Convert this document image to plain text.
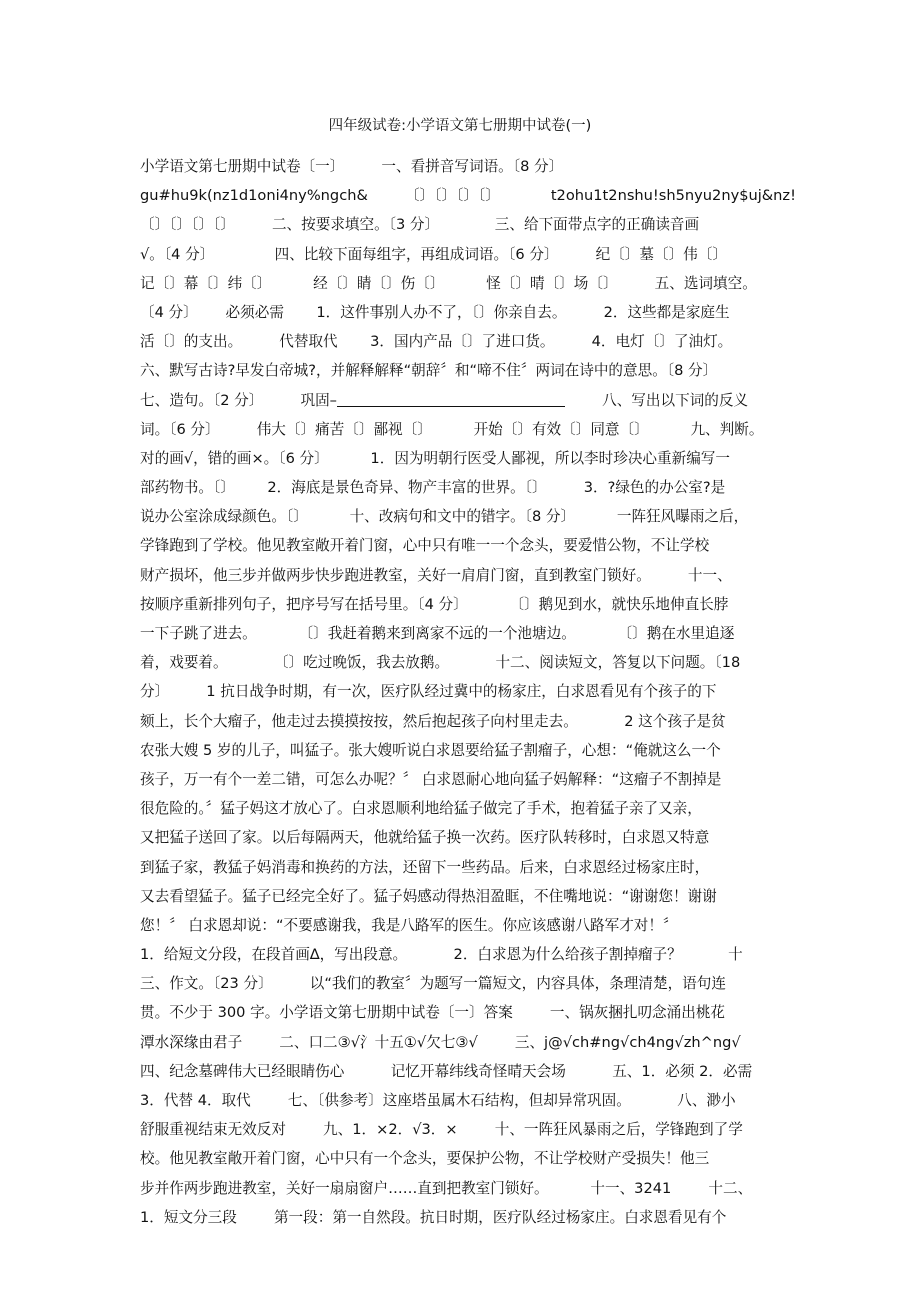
四年级试卷:小学语文第七册期中试卷(一)
小学语文第七册期中试卷〔一〕        一、看拼音写词语。〔8 分〕
gu#hu9k(nz1d1oni4ny%ngch&        〔〕〔〕〔〕〔〕           t2ohu1t2nshu!sh5nyu2ny$uj&nz!
〔〕〔〕〔〕〔〕        二、按要求填空。〔3 分〕            三、给下面带点字的正确读音画
√。〔4 分〕             四、比较下面每组字，再组成词语。〔6 分〕        纪〔〕墓〔〕伟〔〕
记〔〕幕〔〕纬〔〕         经〔〕睛〔〕伤〔〕         怪〔〕晴〔〕场〔〕        五、选词填空。
〔4 分〕      必须必需       1．这件事别人办不了，〔〕你亲自去。        2．这些都是家庭生
活〔〕的支出。        代替取代       3．国内产品〔〕了进口货。        4．电灯〔〕了油灯。
六、默写古诗?早发白帝城?，并解释解释“朝辞〞和“啼不住〞两词在诗中的意思。〔8 分〕
七、造句。〔2 分〕        巩固–	八、写出以下词的反义
词。〔6 分〕        伟大〔〕痛苦〔〕鄙视〔〕         开始〔〕有效〔〕同意〔〕         九、判断。
对的画√，错的画×。〔6 分〕         1．因为明朝行医受人鄙视，所以李时珍决心重新编写一
部药物书。〔〕       2．海底是景色奇异、物产丰富的世界。〔〕        3．?绿色的办公室?是
说办公室涂成绿颜色。〔〕         十、改病句和文中的错字。〔8 分〕         一阵狂风曝雨之后，
学锋跑到了学校。他见教室敞开着门窗，心中只有唯一一个念头，要爱惜公物，不让学校
财产损坏，他三步并做两步快步跑进教室，关好一肩肩门窗，直到教室门锁好。        十一、
按顺序重新排列句子，把序号写在括号里。〔4 分〕         〔〕鹅见到水，就快乐地伸直长脖
一下子跳了进去。         〔〕我赶着鹅来到离家不远的一个池塘边。         〔〕鹅在水里追逐
着，戏要着。          〔〕吃过晚饭，我去放鹅。          十二、阅读短文，答复以下问题。〔18
分〕        1 抗日战争时期，有一次，医疗队经过冀中的杨家庄，白求恩看见有个孩子的下
颏上，长个大瘤子，他走过去摸摸按按，然后抱起孩子向村里走去。          2 这个孩子是贫
农张大嫂 5 岁的儿子，叫猛子。张大嫂听说白求恩要给猛子割瘤子，心想：“俺就这么一个
孩子，万一有个一差二错，可怎么办呢？〞 白求恩耐心地向猛子妈解释：“这瘤子不割掉是
很危险的。〞猛子妈这才放心了。白求恩顺利地给猛子做完了手术，抱着猛子亲了又亲，
又把猛子送回了家。以后每隔两天，他就给猛子换一次药。医疗队转移时，白求恩又特意
到猛子家，教猛子妈消毒和换药的方法，还留下一些药品。后来，白求恩经过杨家庄时，
又去看望猛子。猛子已经完全好了。猛子妈感动得热泪盈眶，不住嘴地说：“谢谢您！谢谢
您！〞 白求恩却说：“不要感谢我，我是八路军的医生。你应该感谢八路军才对！〞
1．给短文分段，在段首画∆，写出段意。          2．白求恩为什么给孩子割掉瘤子？          十
三、作文。〔23 分〕        以“我们的教室〞为题写一篇短文，内容具体，条理清楚，语句连
贯。不少于 300 字。小学语文第七册期中试卷〔一〕答案        一、锅灰捆扎叨念涌出桃花
潭水深缘由君子        二、口二③√氵十五①√欠七③√        三、j@√ch#ng√ch4ng√zh^ng√
四、纪念墓碑伟大已经眼睛伤心          记忆开幕纬线奇怪晴天会场          五、1．必须 2．必需
3．代替 4．取代        七、〔供参考〕这座塔虽属木石结构，但却异常巩固。          八、渺小
舒服重视结束无效反对        九、1．×2．√3．×        十、一阵狂风暴雨之后，学锋跑到了学
校。他见教室敞开着门窗，心中只有一个念头，要保护公物，不让学校财产受损失！他三
步并作两步跑进教室，关好一扇扇窗户……直到把教室门锁好。         十一、3241        十二、
1．短文分三段        第一段：第一自然段。抗日时期，医疗队经过杨家庄。白求恩看见有个
